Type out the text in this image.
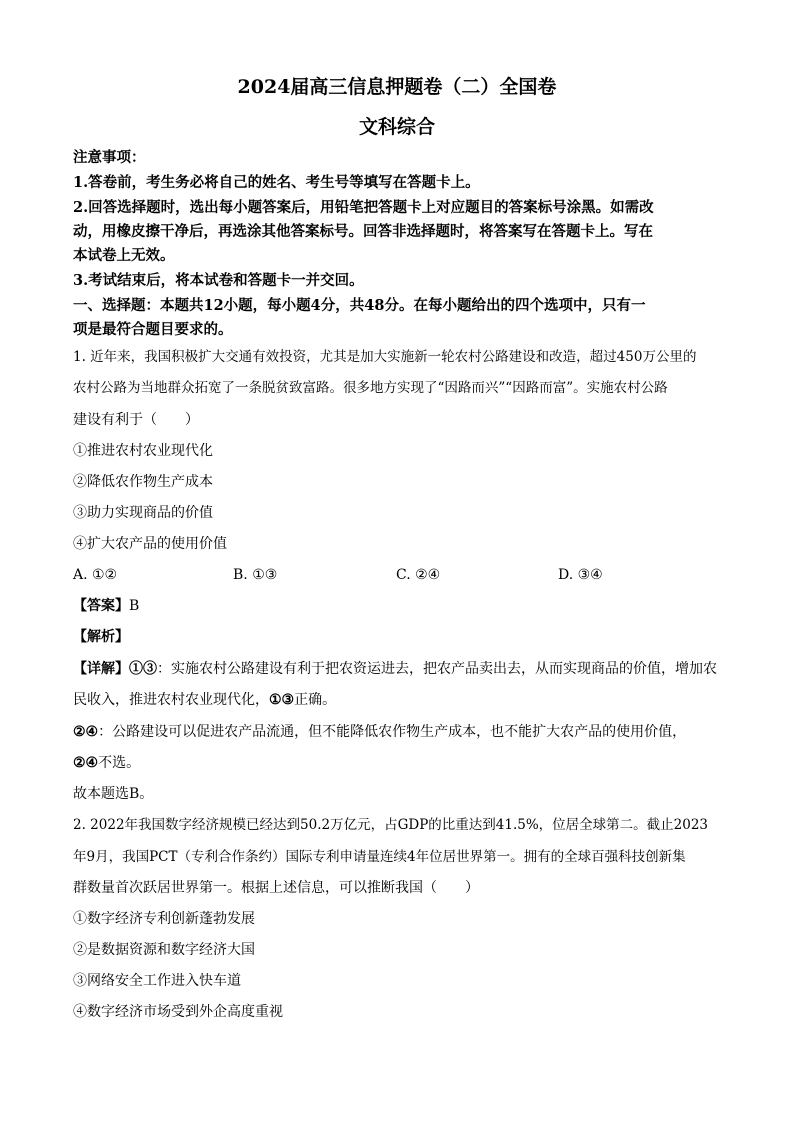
2024届高三信息押题卷（二）全国卷
文科综合
注意事项：
1.答卷前，考生务必将自己的姓名、考生号等填写在答题卡上。
2.回答选择题时，选出每小题答案后，用铅笔把答题卡上对应题目的答案标号涂黑。如需改
动，用橡皮擦干净后，再选涂其他答案标号。回答非选择题时，将答案写在答题卡上。写在
本试卷上无效。
3.考试结束后，将本试卷和答题卡一并交回。
一、选择题：本题共12小题，每小题4分，共48分。在每小题给出的四个选项中，只有一
项是最符合题目要求的。
1. 近年来，我国积极扩大交通有效投资，尤其是加大实施新一轮农村公路建设和改造，超过450万公里的
农村公路为当地群众拓宽了一条脱贫致富路。很多地方实现了“因路而兴”“因路而富”。实施农村公路
建设有利于（　　）
①推进农村农业现代化
②降低农作物生产成本
③助力实现商品的价值
④扩大农产品的使用价值
A. ①②	B. ①③	C. ②④	D. ③④
【答案】B
【解析】
【详解】①③：实施农村公路建设有利于把农资运进去，把农产品卖出去，从而实现商品的价值，增加农
民收入，推进农村农业现代化，①③正确。
②④：公路建设可以促进农产品流通，但不能降低农作物生产成本，也不能扩大农产品的使用价值，
②④不选。
故本题选B。
2. 2022年我国数字经济规模已经达到50.2万亿元，占GDP的比重达到41.5%，位居全球第二。截止2023
年9月，我国PCT（专利合作条约）国际专利申请量连续4年位居世界第一。拥有的全球百强科技创新集
群数量首次跃居世界第一。根据上述信息，可以推断我国（　　）
①数字经济专利创新蓬勃发展
②是数据资源和数字经济大国
③网络安全工作进入快车道
④数字经济市场受到外企高度重视
